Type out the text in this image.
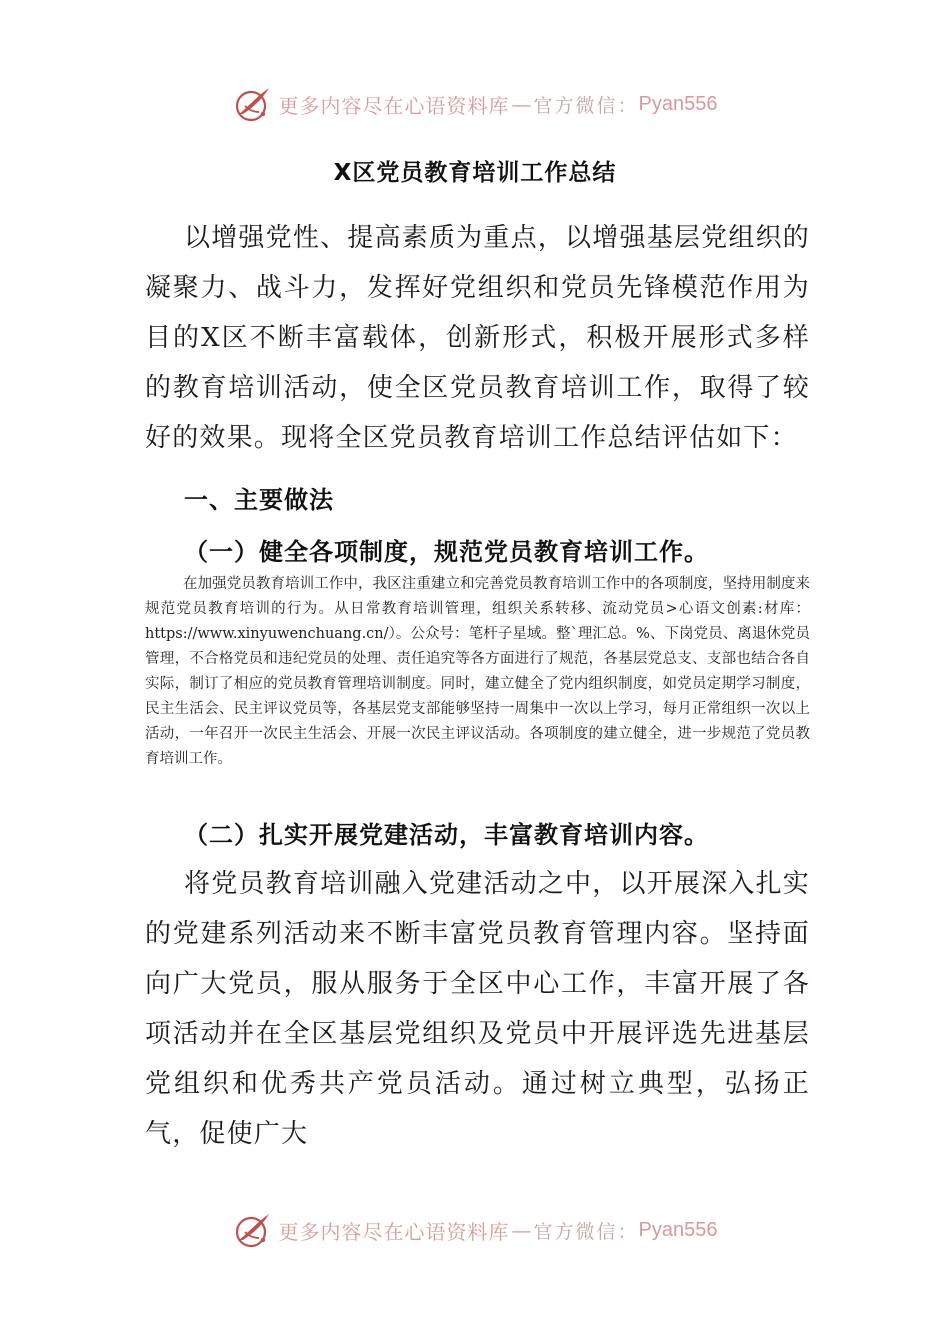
更多内容尽在心语资料库 — 官方微信： Pyan556
X区党员教育培训工作总结

以增强党性、提高素质为重点，以增强基层党组织的凝聚力、战斗力，发挥好党组织和党员先锋模范作用为目的X区不断丰富载体，创新形式，积极开展形式多样的教育培训活动，使全区党员教育培训工作，取得了较好的效果。现将全区党员教育培训工作总结评估如下：

一、主要做法
（一）健全各项制度，规范党员教育培训工作。

在加强党员教育培训工作中，我区注重建立和完善党员教育培训工作中的各项制度，坚持用制度来规范党员教育培训的行为。从日常教育培训管理，组织关系转移、流动党员>心语文创素:材库：https://www.xinyuwenchuang.cn/）。公众号：笔杆子星域。整`理汇总。%、下岗党员、离退休党员管理，不合格党员和违纪党员的处理、责任追究等各方面进行了规范，各基层党总支、支部也结合各自实际，制订了相应的党员教育管理培训制度。同时，建立健全了党内组织制度，如党员定期学习制度，民主生活会、民主评议党员等，各基层党支部能够坚持一周集中一次以上学习，每月正常组织一次以上活动，一年召开一次民主生活会、开展一次民主评议活动。各项制度的建立健全，进一步规范了党员教育培训工作。

（二）扎实开展党建活动，丰富教育培训内容。

将党员教育培训融入党建活动之中，以开展深入扎实的党建系列活动来不断丰富党员教育管理内容。坚持面向广大党员，服从服务于全区中心工作，丰富开展了各项活动并在全区基层党组织及党员中开展评选先进基层党组织和优秀共产党员活动。通过树立典型，弘扬正气，促使广大

更多内容尽在心语资料库 — 官方微信： Pyan556
